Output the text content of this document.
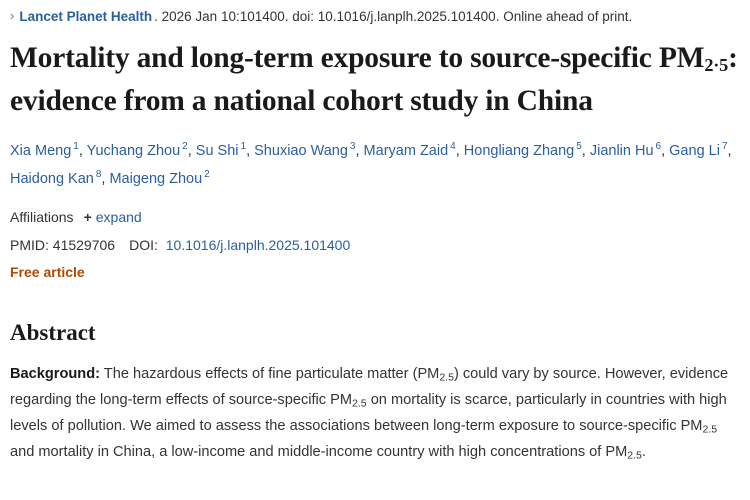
› Lancet Planet Health . 2026 Jan 10:101400. doi: 10.1016/j.lanplh.2025.101400. Online ahead of print.
Mortality and long-term exposure to source-specific $PM_{2\cdot 5}$: evidence from a national cohort study in China
Xia Meng $^1$, Yuchang Zhou $^2$, Su Shi $^1$, Shuxiao Wang $^3$, Maryam Zaid $^4$, Hongliang Zhang $^5$, Jianlin Hu $^6$, Gang Li $^7$, Haidong Kan $^8$, Maigeng Zhou $^2$
Affiliations + expand
PMID: 41529706 DOI: 10.1016/j.lanplh.2025.101400
Free article
Abstract
Background: The hazardous effects of fine particulate matter $(PM_{2.5})$ could vary by source. However, evidence regarding the long-term effects of source-specific $PM_{2.5}$ on mortality is scarce, particularly in countries with high levels of pollution. We aimed to assess the associations between long-term exposure to source-specific $PM_{2.5}$ and mortality in China, a low-income and middle-income country with high concentrations of $PM_{2.5}$.
